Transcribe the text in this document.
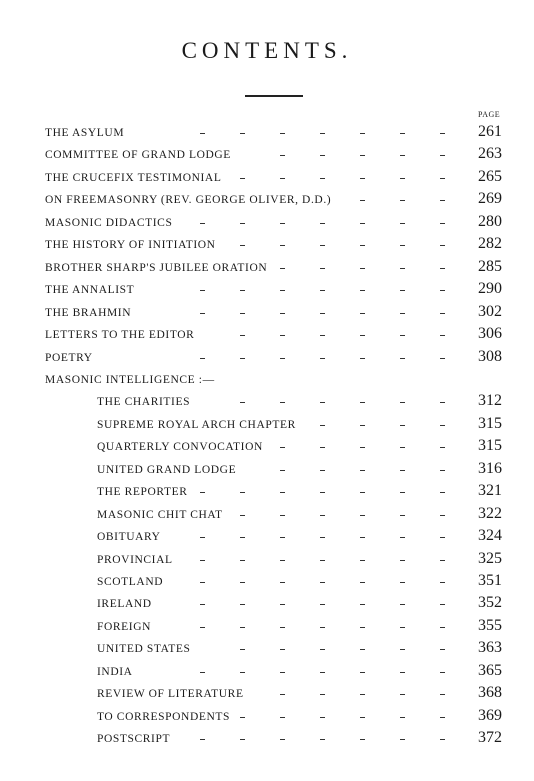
CONTENTS.
PAGE
THE ASYLUM	261
COMMITTEE OF GRAND LODGE	263
THE CRUCEFIX TESTIMONIAL	265
ON FREEMASONRY (REV. GEORGE OLIVER, D.D.)	269
MASONIC DIDACTICS	280
THE HISTORY OF INITIATION	282
BROTHER SHARP'S JUBILEE ORATION	285
THE ANNALIST	290
THE BRAHMIN	302
LETTERS TO THE EDITOR	306
POETRY	308
MASONIC INTELLIGENCE :—
THE CHARITIES	312
SUPREME ROYAL ARCH CHAPTER	315
QUARTERLY CONVOCATION	315
UNITED GRAND LODGE	316
THE REPORTER	321
MASONIC CHIT CHAT	322
OBITUARY	324
PROVINCIAL	325
SCOTLAND	351
IRELAND	352
FOREIGN	355
UNITED STATES	363
INDIA	365
REVIEW OF LITERATURE	368
TO CORRESPONDENTS	369
POSTSCRIPT	372
